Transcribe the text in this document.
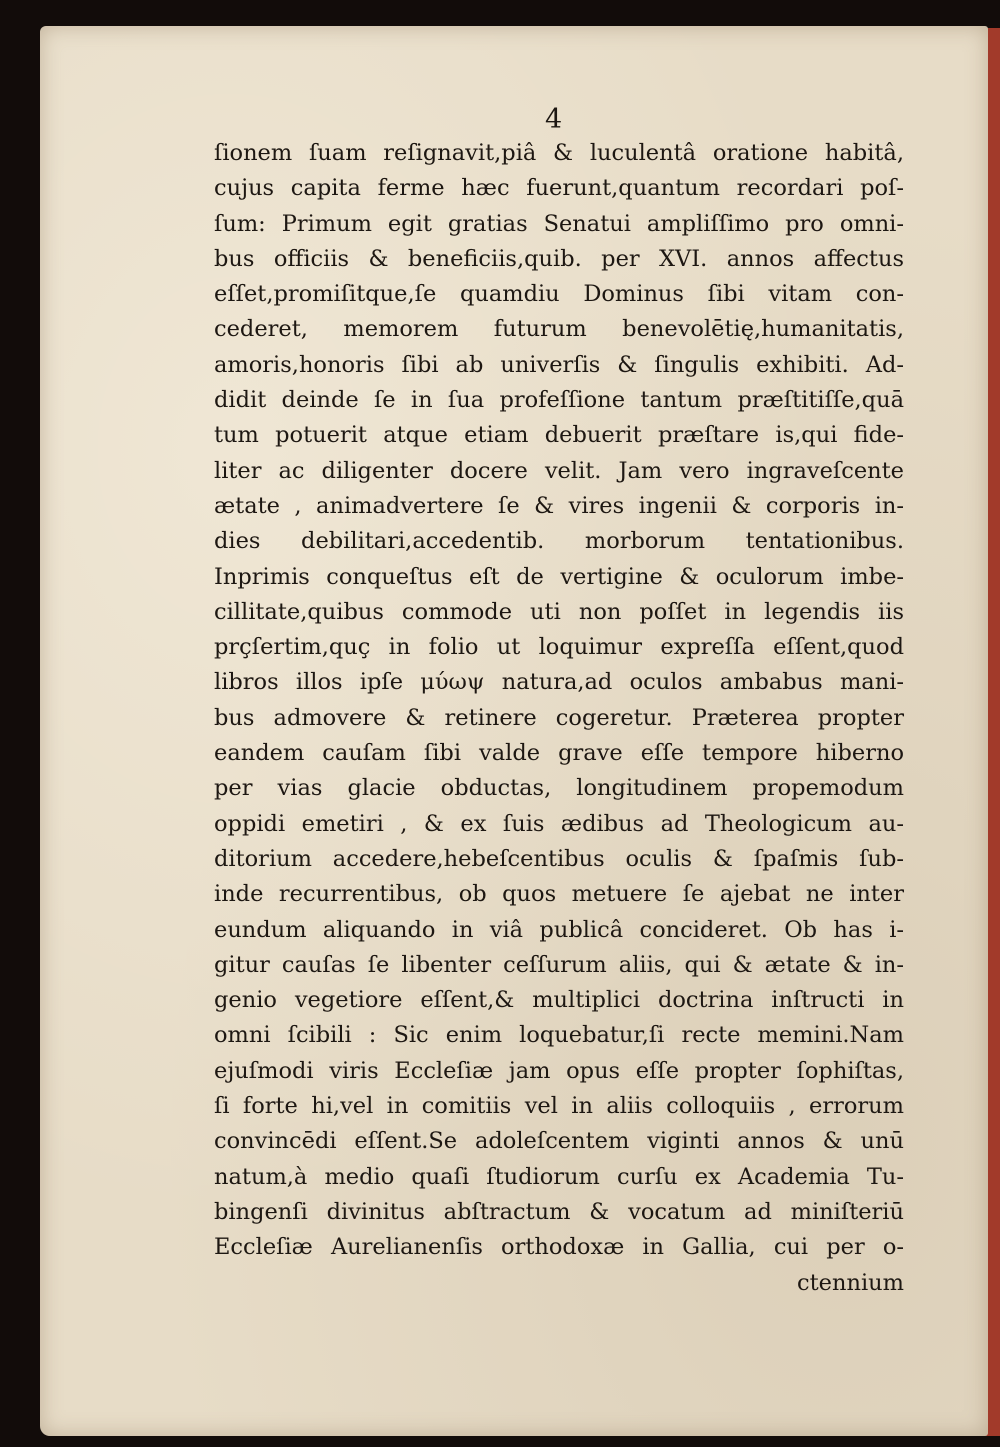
4
ſionem ſuam reſignavit,piâ & luculentâ oratione habitâ,
cujus capita ferme hæc fuerunt,quantum recordari poſ-
ſum: Primum egit gratias Senatui ampliſſimo pro omni-
bus officiis & beneficiis,quib. per XVI. annos affectus
eſſet,promiſitque,ſe quamdiu Dominus ſibi vitam con-
cederet, memorem futurum benevolētię,humanitatis,
amoris,honoris ſibi ab univerſis & ſingulis exhibiti. Ad-
didit deinde ſe in ſua profeſſione tantum præſtitiſſe,quā
tum potuerit atque etiam debuerit præſtare is,qui fide-
liter ac diligenter docere velit. Jam vero ingraveſcente
ætate , animadvertere ſe & vires ingenii & corporis in-
dies debilitari,accedentib. morborum tentationibus.
Inprimis conqueſtus eſt de vertigine & oculorum imbe-
cillitate,quibus commode uti non poſſet in legendis iis
prçſertim,quç in folio ut loquimur expreſſa eſſent,quod
libros illos ipſe μύωψ natura,ad oculos ambabus mani-
bus admovere & retinere cogeretur. Præterea propter
eandem cauſam ſibi valde grave eſſe tempore hiberno
per vias glacie obductas, longitudinem propemodum
oppidi emetiri , & ex ſuis ædibus ad Theologicum au-
ditorium accedere,hebeſcentibus oculis & ſpaſmis ſub-
inde recurrentibus, ob quos metuere ſe ajebat ne inter
eundum aliquando in viâ publicâ concideret. Ob has i-
gitur cauſas ſe libenter ceſſurum aliis, qui & ætate & in-
genio vegetiore eſſent,& multiplici doctrina inſtructi in
omni ſcibili : Sic enim loquebatur,ſi recte memini.Nam
ejuſmodi viris Eccleſiæ jam opus eſſe propter ſophiſtas,
ſi forte hi,vel in comitiis vel in aliis colloquiis , errorum
convincēdi eſſent.Se adoleſcentem viginti annos & unū
natum,à medio quaſi ſtudiorum curſu ex Academia Tu-
bingenſi divinitus abſtractum & vocatum ad miniſteriū
Eccleſiæ Aurelianenſis orthodoxæ in Gallia, cui per o-
ctennium
